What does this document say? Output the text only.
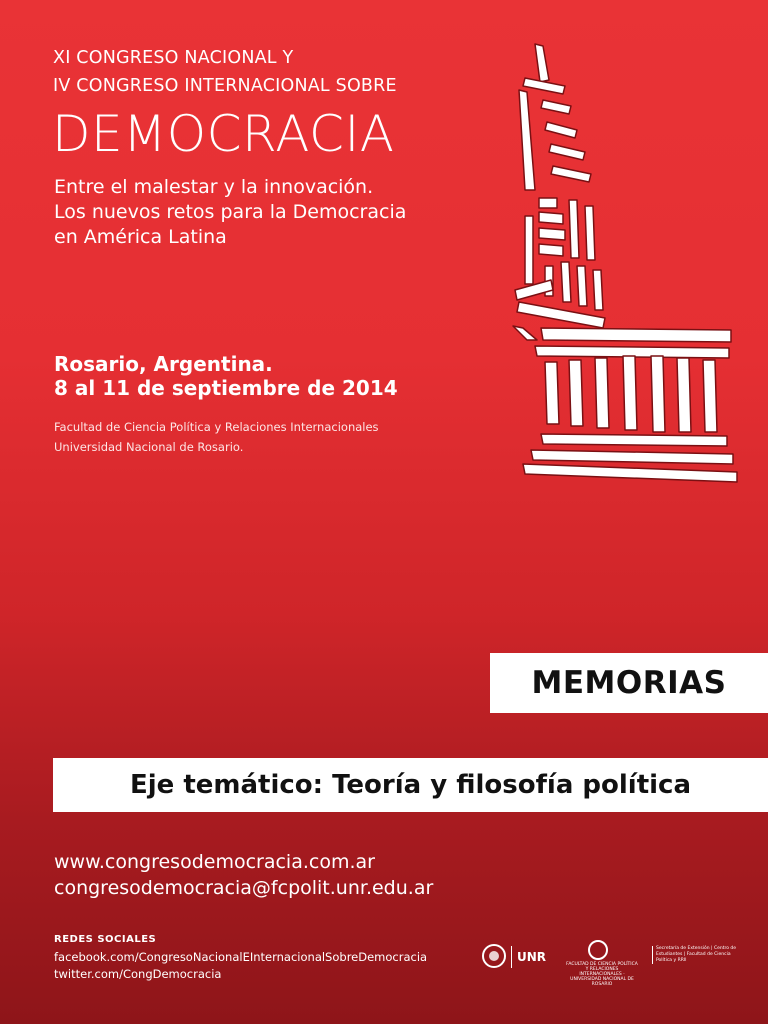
XI CONGRESO NACIONAL Y
IV CONGRESO INTERNACIONAL SOBRE
DEMOCRACIA
Entre el malestar y la innovación.
Los nuevos retos para la Democracia
en América Latina
Rosario, Argentina.
8 al 11 de septiembre de 2014
Facultad de Ciencia Política y Relaciones Internacionales
Universidad Nacional de Rosario.
MEMORIAS
Eje temático: Teoría y filosofía política
www.congresodemocracia.com.ar
congresodemocracia@fcpolit.unr.edu.ar
REDES SOCIALES
facebook.com/CongresoNacionalEInternacionalSobreDemocracia
twitter.com/CongDemocracia
UNR
FACULTAD DE CIENCIA POLÍTICA Y RELACIONES INTERNACIONALES · UNIVERSIDAD NACIONAL DE ROSARIO
Secretaría de Extensión | Centro de Estudiantes | Facultad de Ciencia Política y RRII
